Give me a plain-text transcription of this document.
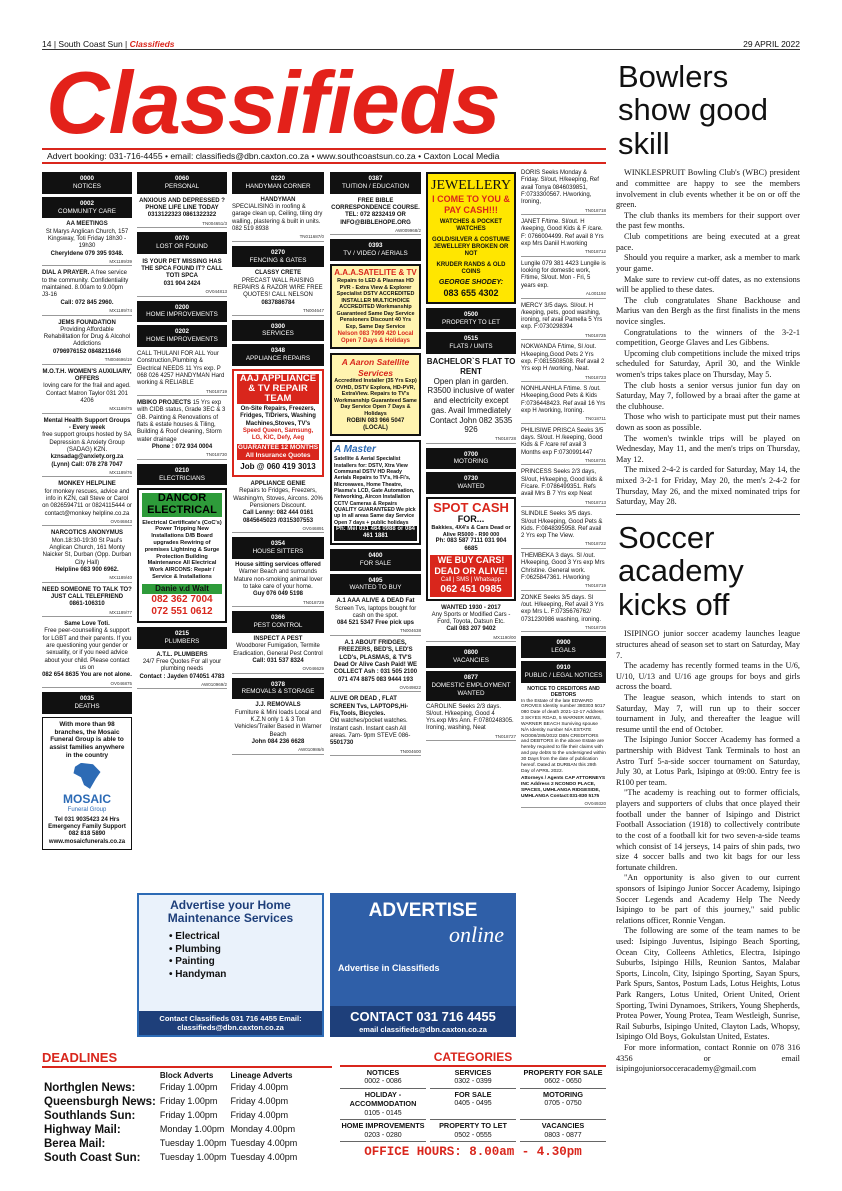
14 | South Coast Sun | Classifieds	29 APRIL 2022
Classifieds
Advert booking: 031-716-4455 • email: classifieds@dbn.caxton.co.za • www.southcoastsun.co.za • Caxton Local Media
0000
NOTICES
0002
COMMUNITY CARE
AA MEETINGS
St Marys Anglican Church, 157 Kingsway, Toti Friday 18h30 - 19h30
Cheryldene 079 395 9348.
MX1189/39
DIAL A PRAYER. A free service to the community. Confidentiality maintained. 8.00am to 9.00pm J3-16
Call: 072 845 2960.
MX1189/74
JEMS FOUNDATION
Providing Affordable Rehabilitation for Drug & Alcohol Addictions
0796976152 0848211646
TN004696/19
M.O.T.H. WOMEN'S AUXILIARY, OFFERS
loving care for the frail and aged. Contact Matron Taylor 031 201 4206
MX1189/75
Mental Health Support Groups - Every week
free support groups hosted by SA Depression & Anxiety Group (SADAG) KZN.
kznsadag@anxiety.org.za (Lynn) Call: 078 278 7047
MX1189/76
MONKEY HELPLINE
for monkey rescues, advice and info in KZN, call Steve or Carol on 0826594711 or 0824115444 or contact@monkey helpline.co.za
OV046843
NARCOTICS ANONYMUS
Mon.18:30-19:30 St Paul's Anglican Church, 161 Monty Naicker St, Durban (Opp. Durban City Hall)
Helpline 083 900 6962.
MX1189/40
NEED SOMEONE TO TALK TO? JUST CALL TELEFRIEND
0861-106310
MX1189/77
Same Love Toti.
Free peer-counselling & support for LGBT and their parents. If you are questioning your gender or sexuality, or if you need advice about your child. Please contact us on
082 654 8635 You are not alone.
OV046875
0035
DEATHS
With more than 98 branches, the Mosaic Funeral Group is able to assist families anywhere in the country
MOSAIC
Funeral Group
Tel 031 9035423 24 Hrs Emergency Family Support 082 818 5890 www.mosaicfunerals.co.za
0060
PERSONAL
ANXIOUS AND DEPRESSED ?PHONE LIFE LINE TODAY
0313122323 0861322322
TN004651/3
0070
LOST OR FOUND
IS YOUR PET MISSING HAS THE SPCA FOUND IT? CALL TOTI SPCA
031 904 2424
OV044813
0200
HOME IMPROVEMENTS
0202
HOME IMPROVEMENTS
CALL THULANI FOR ALL Your Construction,Plumbing & Electrical NEEDS 11 Yrs exp. P 068 026 4257 HANDYMAN Hard working & RELIABLE
TN018719
MBIKO PROJECTS 15 Yrs exp with CIDB status, Grade 3EC & 3 GB. Painting & Renovations of flats & estate houses & Tiling, Building & Roof cleaning, Storm water drainage
Phone : 072 934 0004
TN018730
0210
ELECTRICIANS
DANCOR ELECTRICAL
Electrical Certificate's (CoC's) Power Tripping New Installations D/B Board upgrades Rewiring of premises Lightning & Surge Protection Building Maintenance All Electrical Work AIRCONS: Repair / Service & Installations
Danie v.d Walt
082 362 7004
072 551 0612
0215
PLUMBERS
A.T.L. PLUMBERS
24/7 Free Quotes For all your plumbing needs
Contact : Jayden 074051 4783
AW010969/2
0220
HANDYMAN CORNER
HANDYMAN
SPECIALISING in roofing & garage clean up, Ceiling, tiling dry walling, plastering & built in units. 082 519 8938
TN011687/0
0270
FENCING & GATES
CLASSY CRETE
PRECAST WALL RAISING REPAIRS & RAZOR WIRE FREE QUOTES! CALL NELSON
0837886784
TN004647
0300
SERVICES
0348
APPLIANCE REPAIRS
AAJ APPLIANCE & TV REPAIR TEAM
On-Site Repairs, Freezers, Fridges, T/Driers, Washing Machines,Stoves, TV's
Speed Queen, Samsung, LG, KIC, Defy, Aeg
GUARANTEE 12 MONTHS All Insurance Quotes
Job @ 060 419 3013
APPLIANCE GENIE
Repairs to Fridges, Freezers, Washing/m, Stoves, Aircons. 20% Pensioners Discount.
Call Lenny: 082 444 0161 0845645023 /0315307553
OV046891
0354
HOUSE SITTERS
House sitting services offered
Warner Beach and surrounds Mature non-smoking animal lover to take care of your home.
Guy 076 049 5198
TN018729
0366
PEST CONTROL
INSPECT A PEST
Woodborer Fumigation, Termite Eradication, General Pest Control
Call: 031 537 8324
OV046629
0378
REMOVALS & STORAGE
J.J. REMOVALS
Furniture & Mini loads Local and K.Z.N only 1 & 3 Ton Vehicles/Trailer Based in Warner Beach
John 084 236 6628
AW010986/6
0387
TUITION / EDUCATION
FREE BIBLE CORRESPONDENCE COURSE. TEL: 072 8232419 OR INFO@BIBLEHOPE.ORG
AW009968/2
0393
TV / VIDEO / AERIALS
A.A.A.SATELITE & TV
Repairs to LED & Plasmas HD PVR - Extra View & Explorer Specialist DSTV ACCREDITED INSTALLER MULTICHOICE ACCREDITED Workmanship Guaranteed Same Day Service Pensioners Discount 40 Yrs Exp, Same Day Service
Nelson 083 7999 420 Local Open 7 Days & Holidays
A Aaron Satellite Services
Accredited Installer (35 Yrs Exp) OVHD, DSTV Explora, HD-PVR, ExtraView. Repairs to TV's Workmanship Guaranteed Same Day Service Open 7 Days & Holidays
ROBIN 083 966 5047 (LOCAL)
A Master
Satellite & Aerial Specialist Installers for: DSTV, Xtra View Communal DSTV HD Ready Aerials Repairs to TV's, Hi-Fi's, Microwaves, Home Theatre, Plasma's LCD, Gate Automation, Networking, Aircon Installation CCTV Cameras & Repairs QUALITY GUARANTEED We pick up in all areas Same day Service Open 7 days + public holidays
Ph: Mel 031 464 0988 or 084 461 1881
0400
FOR SALE
0495
WANTED TO BUY
A.1 AAA ALIVE & DEAD Fat
Screen Tvs, laptops bought for cash on the spot.
084 521 5347 Free pick ups
TN004638
A.1 ABOUT FRIDGES, FREEZERS, BED'S, LED'S LCD's, PLASMAS, & TV'S
Dead Or Alive Cash Paid! WE COLLECT Ash : 031 505 2100 071 474 8875 083 9444 193
OV049822
ALIVE OR DEAD , FLAT SCREEN Tvs, LAPTOPS,Hi-Fis,Tools, Bicycles.
Old watches/pocket watches. Instant cash. Instant cash All areas. 7am- 9pm STEVE 086-
5501730
TN004600
JEWELLERY
I COME TO YOU & PAY CASH!!!
WATCHES & POCKET WATCHES
GOLD/SILVER & COSTUME JEWELLERY BROKEN OR NOT
KRUDER RANDS & OLD COINS
GEORGE SHODEY:
083 655 4302
0500
PROPERTY TO LET
0515
FLATS / UNITS
BACHELOR`S FLAT TO RENT
Open plan in garden. R3500 inclusive of water and electricity except gas. Avail Immediately
Contact John 082 3535 926
TN018728
0700
MOTORING
0730
WANTED
SPOT CASH
FOR...
Bakkies, 4X4's & Cars Dead or Alive R5000 - R90 000
Ph: 083 587 7111 031 904 6685
WE BUY CARS! DEAD OR ALIVE!
Call | SMS | Whatsapp
062 451 0985
WANTED 1930 - 2017
Any Sports or Modified Cars - Ford, Toyota, Datsun Etc.
Call 083 207 9402
MX1190/00
0800
VACANCIES
0877
DOMESTIC EMPLOYMENT WANTED
CAROLINE Seeks 2/3 days. Sl/out. H/keeping, Good 4 Yrs.exp Mrs Ann. F:0780248305. Ironing, washing, Neat
TN018727
DORIS Seeks Monday & Friday. Sl/out, H/keeping, Ref avail Tonya 0846039851, F:0733300567. H/working, Ironing,
TN018718
JANET F/time. Sl/out. H /keeping, Good Kids & F /care. F: 0766004499. Ref avail 8 Yrs exp Mrs Daniil H.working
TN018712
Lungile 079 381 4423 Lungile is looking for domestic work, F/time, Sl/out. Mon - Fri, 5 years exp.
AL001192
MERCY 3/5 days. Sl/out. H /keeping, pets, good washing, ironing, ref avail Pamella 5 Yrs exp. F:0730298394
TN018725
NOKWANDA F/time, Sl /out. H/keeping,Good Pets 2 Yrs exp. F:0815508508. Ref avail 2 Yrs exp H /working, Neat.
TN018723
NONHLANHLA F/time. S /out. H/keeping,Good Pets & Kids F:0736448423. Ref avail 16 Yrs exp H /working, Ironing.
TN018711
PHILISIWE PRISCA Seeks 3/5 days. Sl/out. H /keeping, Good Kids & F /care ref avail 3 Months exp F:0730991447
TN018731
PRINCESS Seeks 2/3 days, Sl/out, H/keeping, Good kids & F/care. F:0786499351. Refs avail Mrs B 7 Yrs exp Neat
TN018713
SLINDILE Seeks 3/5 days. Sl/out H/keeping, Good Pets & Kids. F:0848395958. Ref avail 2 Yrs exp The View.
TN018722
THEMBEKA 3 days. Sl /out. H/keeping, Good 3 Yrs exp Mrs Christine. General work. F:0625847361. H/working
TN018719
ZONKE Seeks 3/5 days. Sl /out. H/keeping, Ref avail 3 Yrs exp Mrs L. F:0735676762/ 0731230986 washing, ironing.
TN018726
0900
LEGALS
0910
PUBLIC / LEGAL NOTICES
NOTICE TO CREDITORS AND DEBTORS
In the Estate of the late EDWARD GROVES Identity number 380303 5017 080 Date of death 2021-12-17 Address 3 SKYES ROAD, 5 WARNER MEWS, WARNER BEACH Surviving spouse N/A Identity number N/A ESTATE NO008/285/2022 DBN CREDITORS and DEBTORS in the above Estate are hereby required to file their claims with and pay debts to the undersigned within 30 Days from the date of publication hereof. Dated at DURBAN this 29th Day of APRIL 2022.
Attorneys / Agents CAP ATTORNEYS INC Address 2 NCONDO PLACE, SPACES, UMHLANGA RIDGESIDE, UMHLANGA Contact:031-830 5175
OV049320
Advertise your Home Maintenance Services
• Electrical
• Plumbing
• Painting
• Handyman
Contact Classifieds 031 716 4455 Email: classifieds@dbn.caxton.co.za
ADVERTISE
online
Advertise in Classifieds
CONTACT 031 716 4455
email classifieds@dbn.caxton.co.za
Bowlers show good skill

WINKLESPRUIT Bowling Club's (WBC) president and committee are happy to see the members involvement in club events whether it be on or off the green.

The club thanks its members for their support over the past few months.

Club competitions are being executed at a great pace.

Should you require a marker, ask a member to mark your game.

Make sure to review cut-off dates, as no extensions will be applied to these dates.

The club congratulates Shane Backhouse and Marius van den Bergh as the first finalists in the mens novice singles.

Congratulations to the winners of the 3-2-1 competition, George Glaves and Les Gibbens.

Upcoming club competitions include the mixed trips scheduled for Saturday, April 30, and the Winkle women's trips takes place on Thursday, May 5.

The club hosts a senior versus junior fun day on Saturday, May 7, followed by a braai after the game at the clubhouse.

Those who wish to participate must put their names down as soon as possible.

The women's twinkle trips will be played on Wednesday, May 11, and the men's trips on Thursday, May 12.

The mixed 2-4-2 is carded for Saturday, May 14, the mixed 3-2-1 for Friday, May 20, the men's 2-4-2 for Thursday, May 26, and the mixed nominated trips for Saturday, May 28.

Soccer academy kicks off

ISIPINGO junior soccer academy launches league structures ahead of season set to start on Saturday, May 7.

The academy has recently formed teams in the U/6, U/10, U/13 and U/16 age groups for boys and girls across the board.

The league season, which intends to start on Saturday, May 7, will run up to their soccer tournament in July, and thereafter the league will resume until the end of October.

The Isipingo Junior Soccer Academy has formed a partnership with Bidvest Tank Terminals to host an Astro Turf 5-a-side soccer tournament on Saturday, July 30, at Lotus Park, Isipingo at 09:00. Entry fee is R100 per team.

"The academy is reaching out to former officials, players and supporters of clubs that once played their football under the banner of Isipingo and District Football Association (1918) to collectively contribute to the cost of a football kit for two seven-a-side teams which consist of 14 jerseys, 14 pairs of shin pads, two size 4 soccer balls and two kit bags for our less fortunate children.

"An opportunity is also given to our current sponsors of Isipingo Junior Soccer Academy, Isipingo Soccer Legends and Academy Help The Needy Isipingo to be part of this journey," said public relations officer, Ronnie Vengan.

The following are some of the team names to be used: Isipingo Juventus, Isipingo Beach Sporting, Ocean City, Colleens Athletics, Electra, Isipingo Suburbs, Isipingo Hills, Reunion Santos, Malabar Sports, Lincoln, City, Isipingo Sporting, Sayan Spurs, Park Spurs, Santos, Postum Lads, Lotus Heights, Lotus Park Rangers, Lotus United, Orient United, Orient Sporting, Twini Dynamoes, Strikers, Young Shepherds, Protea Power, Young Protea, Team Westleigh, Sunrise, Rail Suburbs, Isipingo United, Clayton Lads, Whopsy, Isipingo Old Boys, Gokulstan United, Estates.

For more information, contact Ronnie on 078 316 4356 or email isipingojuniorsocceracademy@gmail.com

DEADLINES
	Block Adverts	Lineage Adverts
Northglen News:	Friday 1.00pm	Friday 4.00pm
Queensburgh News:	Friday 1.00pm	Friday 4.00pm
Southlands Sun:	Friday 1.00pm	Friday 4.00pm
Highway Mail:	Monday 1.00pm	Monday 4.00pm
Berea Mail:	Tuesday 1.00pm	Tuesday 4.00pm
South Coast Sun:	Tuesday 1.00pm	Tuesday 4.00pm
CATEGORIES
NOTICES
0002 - 0086
SERVICES
0302 - 0399
PROPERTY FOR SALE
0602 - 0650
HOLIDAY - ACCOMMODATION
0105 - 0145
FOR SALE
0405 - 0495
MOTORING
0705 - 0750
HOME IMPROVEMENTS
0203 - 0280
PROPERTY TO LET
0502 - 0555
VACANCIES
0803 - 0877
OFFICE HOURS: 8.00am - 4.30pm
